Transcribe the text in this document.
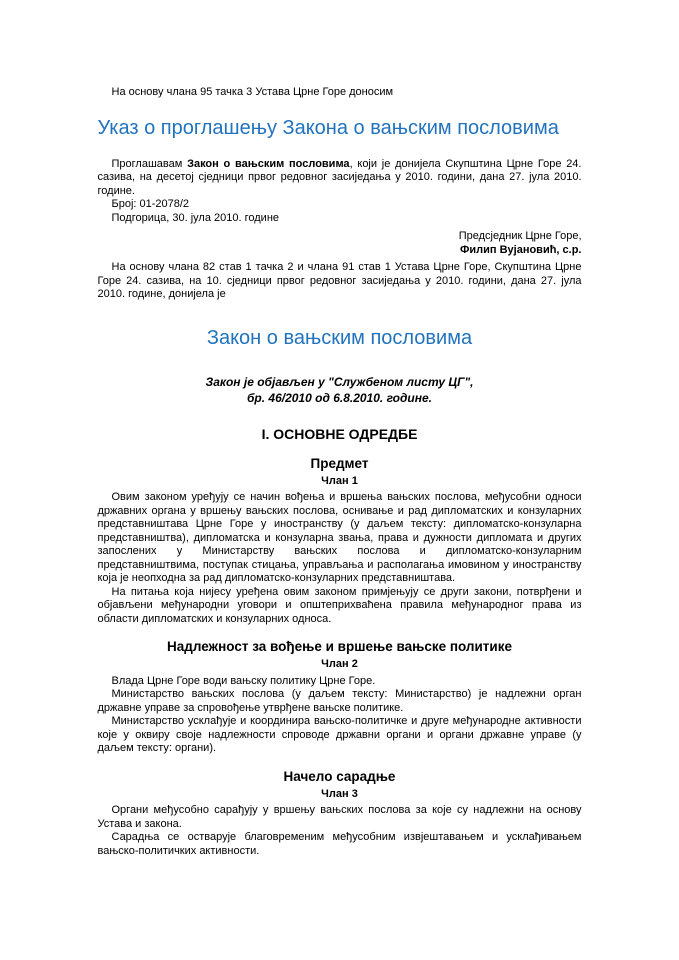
На основу члана 95 тачка 3 Устава Црне Горе доносим

Указ о проглашењу Закона о вањским пословима

Проглашавам Закон о вањским пословима, који је донијела Скупштина Црне Горе 24. сазива, на десетој сједници првог редовног засиједања у 2010. години, дана 27. јула 2010. године.

Број: 01-2078/2

Подгорица, 30. јула 2010. године

Предсједник Црне Горе,

Филип Вујановић, с.р.

На основу члана 82 став 1 тачка 2 и члана 91 став 1 Устава Црне Горе, Скупштина Црне Горе 24. сазива, на 10. сједници првог редовног засиједања у 2010. години, дана 27. јула 2010. године, донијела је

Закон о вањским пословима

Закон је објављен у "Службеном листу ЦГ",

бр. 46/2010 од 6.8.2010. године.

I. ОСНОВНЕ ОДРЕДБЕ
Предмет

Члан 1

Овим законом уређују се начин вођења и вршења вањских послова, међусобни односи државних органа у вршењу вањских послова, оснивање и рад дипломатских и конзуларних представништава Црне Горе у иностранству (у даљем тексту: дипломатско-конзуларна представништва), дипломатска и конзуларна звања, права и дужности дипломата и других запослених у Министарству вањских послова и дипломатско-конзуларним представништвима, поступак стицања, управљања и располагања имовином у иностранству која је неопходна за рад дипломатско-конзуларних представништава.

На питања која нијесу уређена овим законом примјењују се други закони, потврђени и објављени међународни уговори и општеприхваћена правила међународног права из области дипломатских и конзуларних односа.

Надлежност за вођење и вршење вањске политике

Члан 2

Влада Црне Горе води вањску политику Црне Горе.

Министарство вањских послова (у даљем тексту: Министарство) је надлежни орган државне управе за спровођење утврђене вањске политике.

Министарство усклађује и координира вањско-политичке и друге међународне активности које у оквиру своје надлежности спроводе државни органи и органи државне управе (у даљем тексту: органи).

Начело сарадње

Члан 3

Органи међусобно сарађују у вршењу вањских послова за које су надлежни на основу Устава и закона.

Сарадња се остварује благовременим међусобним извјештавањем и усклађивањем вањско-политичких активности.
